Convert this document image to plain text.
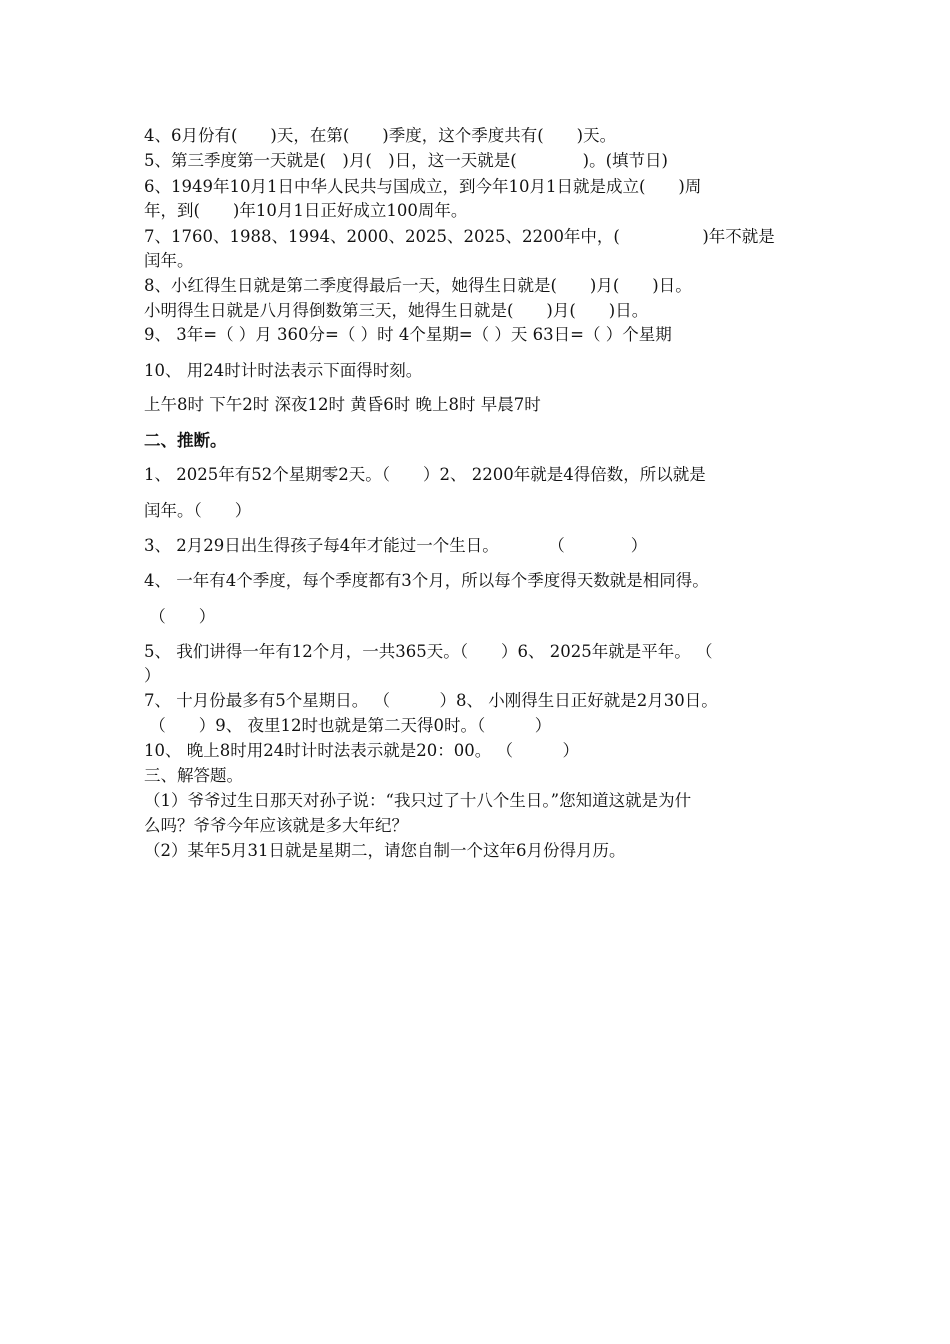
4、6月份有(　　)天，在第(　　)季度，这个季度共有(　　)天。
5、第三季度第一天就是(　)月(　)日，这一天就是(　　　　)。(填节日)
6、1949年10月1日中华人民共与国成立，到今年10月1日就是成立(　　)周
年，到(　　)年10月1日正好成立100周年。
7、1760、1988、1994、2000、2025、2025、2200年中，(　　　　　)年不就是
闰年。
8、小红得生日就是第二季度得最后一天，她得生日就是(　　)月(　　)日。
小明得生日就是八月得倒数第三天，她得生日就是(　　)月(　　)日。
9、 3年=（ ）月 360分=（ ）时 4个星期=（ ）天 63日=（ ）个星期
10、 用24时计时法表示下面得时刻。
上午8时 下午2时 深夜12时 黄昏6时 晚上8时 早晨7时
二、推断。
1、 2025年有52个星期零2天。（　　）2、 2200年就是4得倍数，所以就是
闰年。（　　）
3、 2月29日出生得孩子每4年才能过一个生日。　　　　（　　　　）
4、 一年有4个季度，每个季度都有3个月，所以每个季度得天数就是相同得。
（　　）
5、 我们讲得一年有12个月，一共365天。（　　）6、 2025年就是平年。 （
）
7、 十月份最多有5个星期日。 （　　　）8、 小刚得生日正好就是2月30日。
（　　）9、 夜里12时也就是第二天得0时。（　　　）
10、 晚上8时用24时计时法表示就是20：00。 （　　　）
三、解答题。
（1）爷爷过生日那天对孙子说：“我只过了十八个生日。”您知道这就是为什
么吗？爷爷今年应该就是多大年纪？
（2）某年5月31日就是星期二，请您自制一个这年6月份得月历。
